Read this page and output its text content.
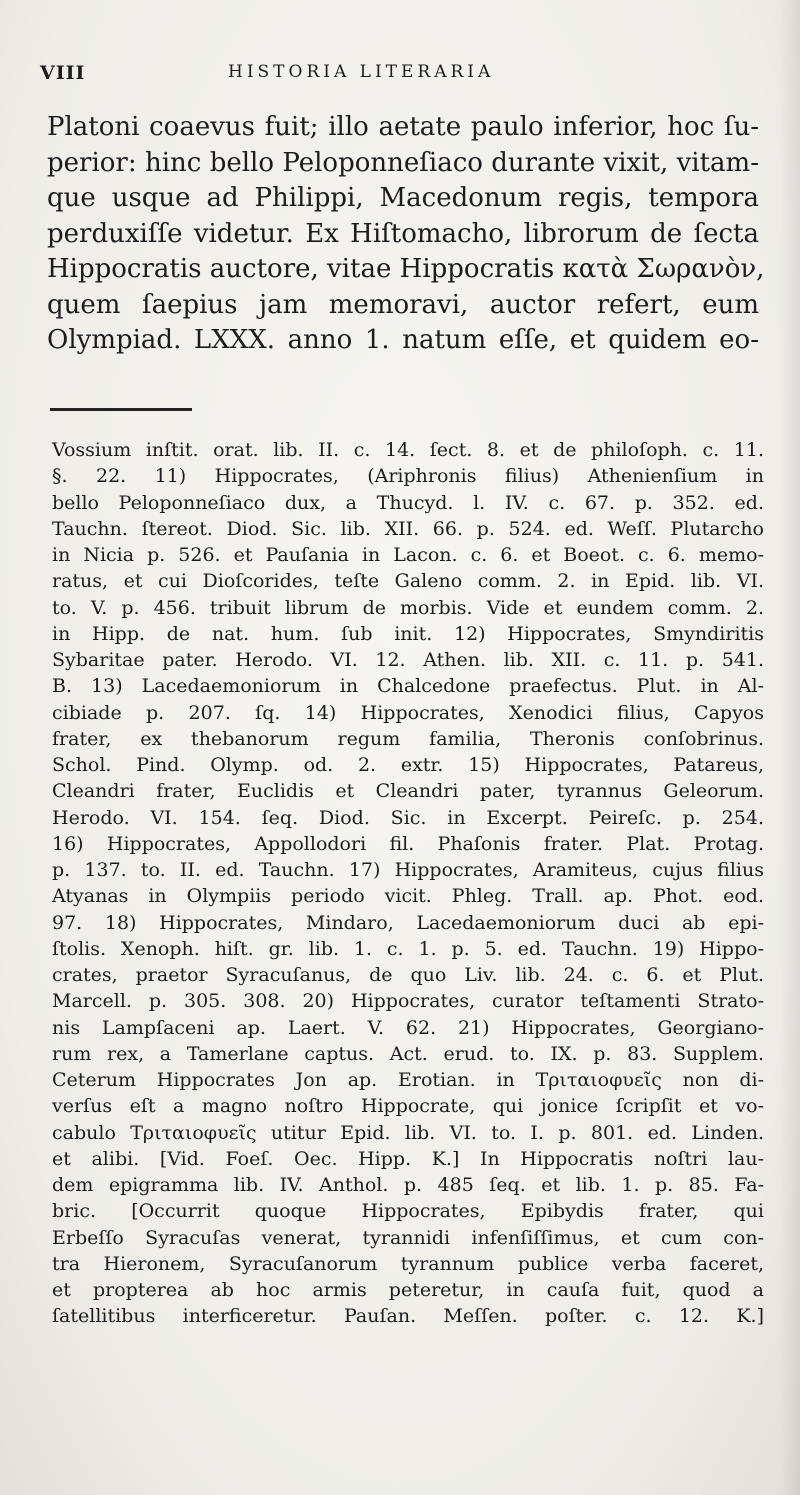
VIII	HISTORIA LITERARIA
Platoni coaevus fuit; illo aetate paulo inferior, hoc ſu-
perior: hinc bello Peloponneſiaco durante vixit, vitam-
que usque ad Philippi, Macedonum regis, tempora
perduxiſſe videtur. Ex Hiſtomacho, librorum de ſecta
Hippocratis auctore, vitae Hippocratis κατὰ Σωρανὸν,
quem ſaepius jam memoravi, auctor refert, eum
Olympiad. LXXX. anno 1. natum eſſe, et quidem eo-
Vossium inſtit. orat. lib. II. c. 14. ſect. 8. et de philoſoph. c. 11.
§. 22. 11) Hippocrates, (Ariphronis filius) Athenienſium in
bello Peloponneſiaco dux, a Thucyd. l. IV. c. 67. p. 352. ed.
Tauchn. ſtereot. Diod. Sic. lib. XII. 66. p. 524. ed. Weſſ. Plutarcho
in Nicia p. 526. et Pauſania in Lacon. c. 6. et Boeot. c. 6. memo-
ratus, et cui Dioſcorides, teſte Galeno comm. 2. in Epid. lib. VI.
to. V. p. 456. tribuit librum de morbis. Vide et eundem comm. 2.
in Hipp. de nat. hum. ſub init. 12) Hippocrates, Smyndiritis
Sybaritae pater. Herodo. VI. 12. Athen. lib. XII. c. 11. p. 541.
B. 13) Lacedaemoniorum in Chalcedone praefectus. Plut. in Al-
cibiade p. 207. ſq. 14) Hippocrates, Xenodici filius, Capyos
frater, ex thebanorum regum familia, Theronis conſobrinus.
Schol. Pind. Olymp. od. 2. extr. 15) Hippocrates, Patareus,
Cleandri frater, Euclidis et Cleandri pater, tyrannus Geleorum.
Herodo. VI. 154. ſeq. Diod. Sic. in Excerpt. Peireſc. p. 254.
16) Hippocrates, Appollodori fil. Phaſonis frater. Plat. Protag.
p. 137. to. II. ed. Tauchn. 17) Hippocrates, Aramiteus, cujus filius
Atyanas in Olympiis periodo vicit. Phleg. Trall. ap. Phot. eod.
97. 18) Hippocrates, Mindaro, Lacedaemoniorum duci ab epi-
ſtolis. Xenoph. hiſt. gr. lib. 1. c. 1. p. 5. ed. Tauchn. 19) Hippo-
crates, praetor Syracuſanus, de quo Liv. lib. 24. c. 6. et Plut.
Marcell. p. 305. 308. 20) Hippocrates, curator teſtamenti Strato-
nis Lampſaceni ap. Laert. V. 62. 21) Hippocrates, Georgiano-
rum rex, a Tamerlane captus. Act. erud. to. IX. p. 83. Supplem.
Ceterum Hippocrates Jon ap. Erotian. in Τριταιοφυεῖς non di-
verſus eſt a magno noſtro Hippocrate, qui jonice ſcripſit et vo-
cabulo Τριταιοφυεῖς utitur Epid. lib. VI. to. I. p. 801. ed. Linden.
et alibi. [Vid. Foeſ. Oec. Hipp. K.] In Hippocratis noſtri lau-
dem epigramma lib. IV. Anthol. p. 485 ſeq. et lib. 1. p. 85. Fa-
bric. [Occurrit quoque Hippocrates, Epibydis frater, qui
Erbeſſo Syracuſas venerat, tyrannidi infenſiſſimus, et cum con-
tra Hieronem, Syracuſanorum tyrannum publice verba faceret,
et propterea ab hoc armis peteretur, in cauſa fuit, quod a
ſatellitibus interficeretur. Pauſan. Meſſen. poſter. c. 12. K.]
